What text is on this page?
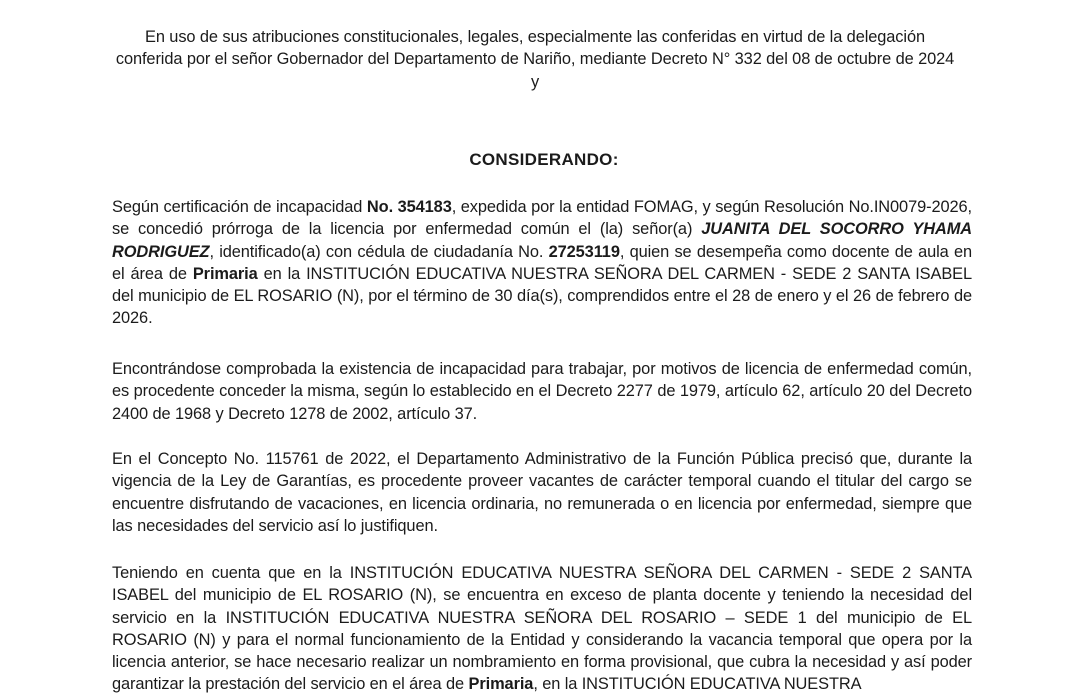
En uso de sus atribuciones constitucionales, legales, especialmente las conferidas en virtud de la delegación conferida por el señor Gobernador del Departamento de Nariño, mediante Decreto N° 332 del 08 de octubre de 2024 y

CONSIDERANDO:

Según certificación de incapacidad No. 354183, expedida por la entidad FOMAG, y según Resolución No.IN0079-2026, se concedió prórroga de la licencia por enfermedad común el (la) señor(a) JUANITA DEL SOCORRO YHAMA RODRIGUEZ, identificado(a) con cédula de ciudadanía No. 27253119, quien se desempeña como docente de aula en el área de Primaria en la INSTITUCIÓN EDUCATIVA NUESTRA SEÑORA DEL CARMEN - SEDE 2 SANTA ISABEL del municipio de EL ROSARIO (N), por el término de 30 día(s), comprendidos entre el 28 de enero y el 26 de febrero de 2026.

Encontrándose comprobada la existencia de incapacidad para trabajar, por motivos de licencia de enfermedad común, es procedente conceder la misma, según lo establecido en el Decreto 2277 de 1979, artículo 62, artículo 20 del Decreto 2400 de 1968 y Decreto 1278 de 2002, artículo 37.

En el Concepto No. 115761 de 2022, el Departamento Administrativo de la Función Pública precisó que, durante la vigencia de la Ley de Garantías, es procedente proveer vacantes de carácter temporal cuando el titular del cargo se encuentre disfrutando de vacaciones, en licencia ordinaria, no remunerada o en licencia por enfermedad, siempre que las necesidades del servicio así lo justifiquen.

Teniendo en cuenta que en la INSTITUCIÓN EDUCATIVA NUESTRA SEÑORA DEL CARMEN - SEDE 2 SANTA ISABEL del municipio de EL ROSARIO (N), se encuentra en exceso de planta docente y teniendo la necesidad del servicio en la INSTITUCIÓN EDUCATIVA NUESTRA SEÑORA DEL ROSARIO – SEDE 1 del municipio de EL ROSARIO (N) y para el normal funcionamiento de la Entidad y considerando la vacancia temporal que opera por la licencia anterior, se hace necesario realizar un nombramiento en forma provisional, que cubra la necesidad y así poder garantizar la prestación del servicio en el área de Primaria, en la INSTITUCIÓN EDUCATIVA NUESTRA
